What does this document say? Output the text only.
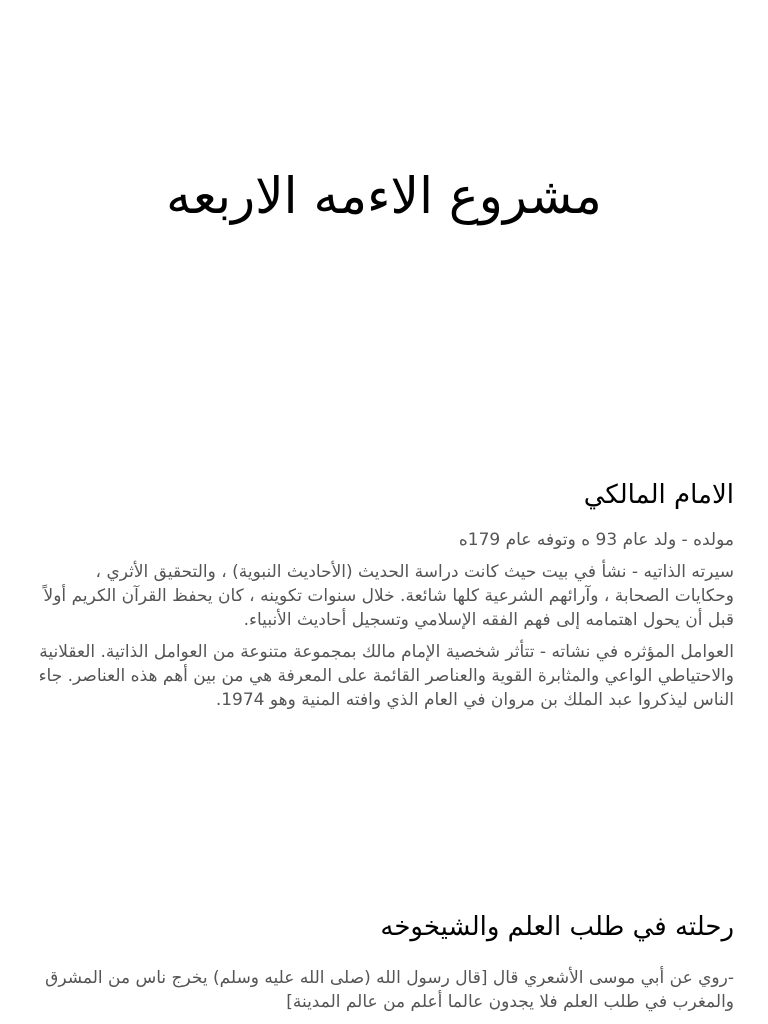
مشروع الاءمه الاربعه
الامام المالكي

مولده - ولد عام 93 ه وتوفه عام 179ه

سيرته الذاتيه - نشأ في بيت حيث كانت دراسة الحديث (الأحاديث النبوية) ، والتحقيق الأثري ، وحكايات الصحابة ، وآرائهم الشرعية كلها شائعة. خلال سنوات تكوينه ، كان يحفظ القرآن الكريم أولاً قبل أن يحول اهتمامه إلى فهم الفقه الإسلامي وتسجيل أحاديث الأنبياء.

العوامل المؤثره في نشاته - تتأثر شخصية الإمام مالك بمجموعة متنوعة من العوامل الذاتية. العقلانية والاحتياطي الواعي والمثابرة القوية والعناصر القائمة على المعرفة هي من بين أهم هذه العناصر. جاء الناس ليذكروا عبد الملك بن مروان في العام الذي وافته المنية وهو 1974.

رحلته في طلب العلم والشيخوخه

-روي عن أبي موسى الأشعري قال [قال رسول الله (صلى الله عليه وسلم) يخرج ناس من المشرق والمغرب في طلب العلم فلا يجدون عالما أعلم من عالم المدينة]
